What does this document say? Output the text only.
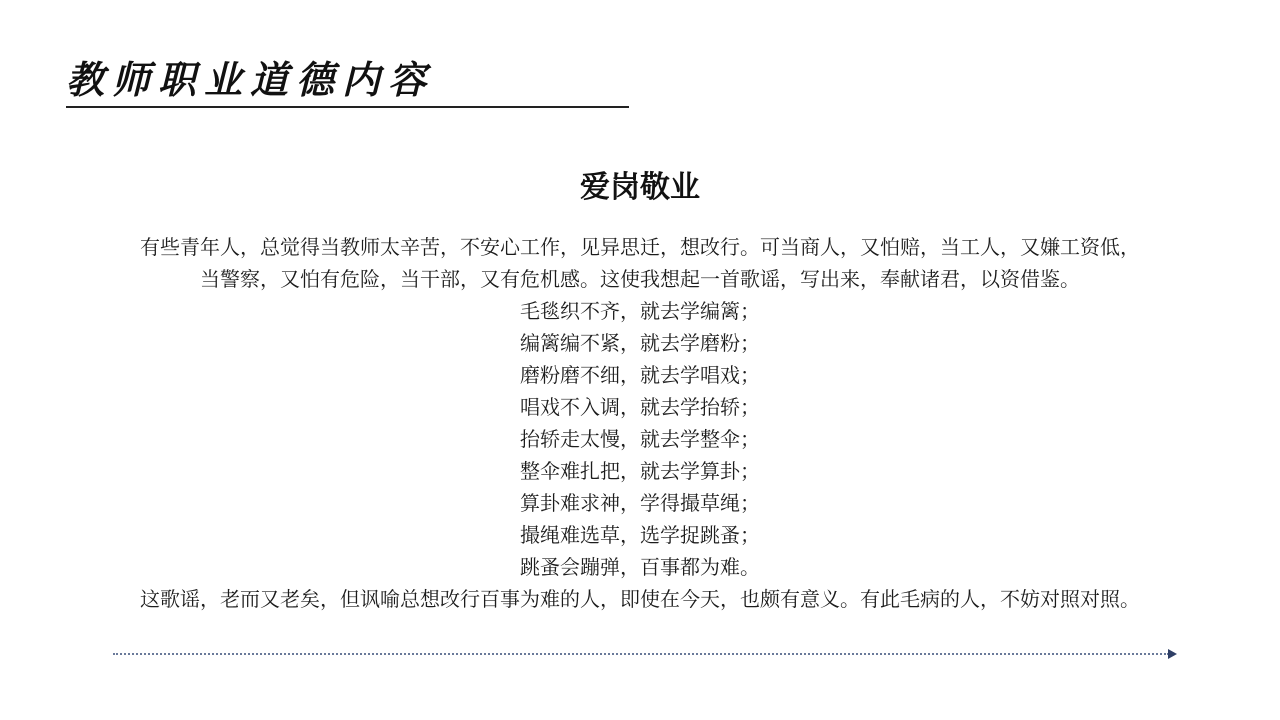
教师职业道德内容
爱岗敬业
有些青年人，总觉得当教师太辛苦，不安心工作，见异思迁，想改行。可当商人，又怕赔，当工人，又嫌工资低，
当警察，又怕有危险，当干部，又有危机感。这使我想起一首歌谣，写出来，奉献诸君，以资借鉴。
毛毯织不齐，就去学编篱；
编篱编不紧，就去学磨粉；
磨粉磨不细，就去学唱戏；
唱戏不入调，就去学抬轿；
抬轿走太慢，就去学整伞；
整伞难扎把，就去学算卦；
算卦难求神，学得撮草绳；
撮绳难选草，选学捉跳蚤；
跳蚤会蹦弹，百事都为难。
这歌谣，老而又老矣，但讽喻总想改行百事为难的人，即使在今天，也颇有意义。有此毛病的人，不妨对照对照。
